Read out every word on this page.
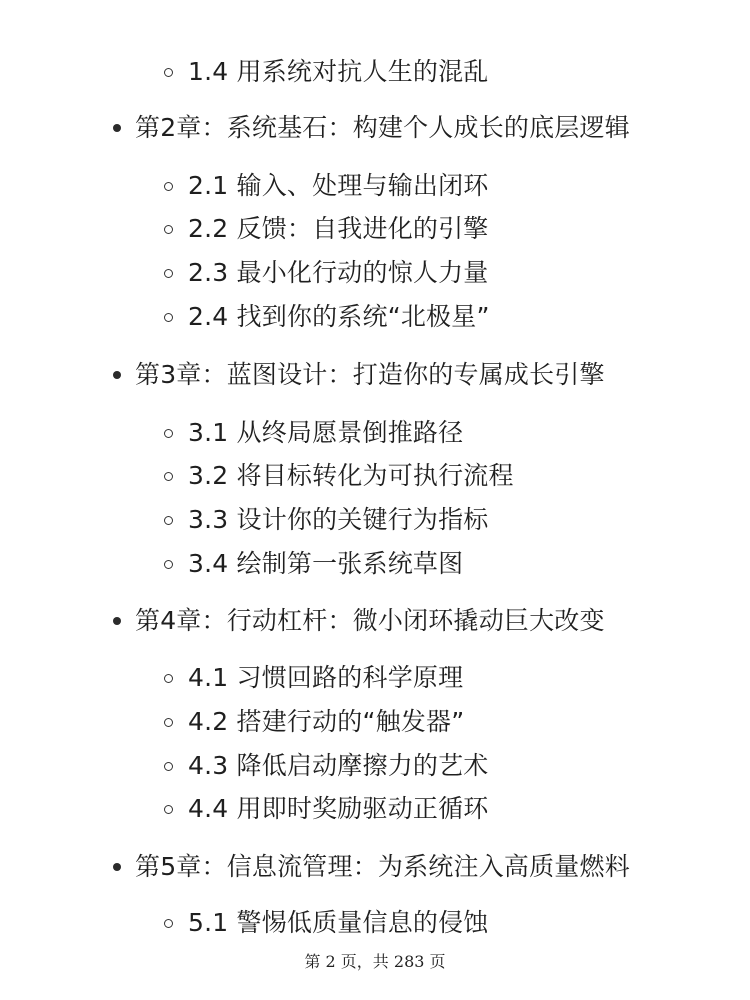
1.4 用系统对抗人生的混乱
第2章：系统基石：构建个人成长的底层逻辑
2.1 输入、处理与输出闭环
2.2 反馈：自我进化的引擎
2.3 最小化行动的惊人力量
2.4 找到你的系统“北极星”
第3章：蓝图设计：打造你的专属成长引擎
3.1 从终局愿景倒推路径
3.2 将目标转化为可执行流程
3.3 设计你的关键行为指标
3.4 绘制第一张系统草图
第4章：行动杠杆：微小闭环撬动巨大改变
4.1 习惯回路的科学原理
4.2 搭建行动的“触发器”
4.3 降低启动摩擦力的艺术
4.4 用即时奖励驱动正循环
第5章：信息流管理：为系统注入高质量燃料
5.1 警惕低质量信息的侵蚀
第 2 页，共 283 页
